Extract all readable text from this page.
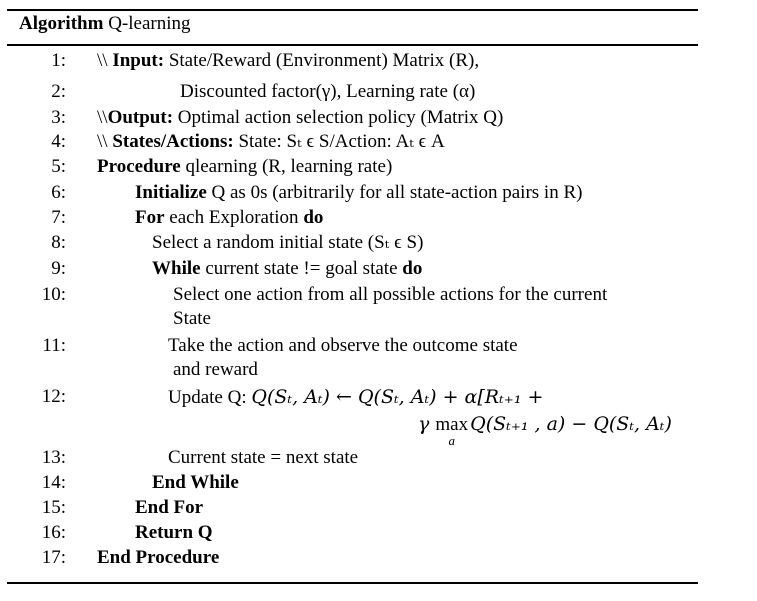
Algorithm Q-learning
1: \\ Input: State/Reward (Environment) Matrix (R),
2:	Discounted factor(γ), Learning rate (α)
3: \\Output: Optimal action selection policy (Matrix Q)
4: \\ States/Actions: State: Sₜ ϵ S/Action: Aₜ ϵ A
5: Procedure qlearning (R, learning rate)
6:	Initialize Q as 0s (arbitrarily for all state-action pairs in R)
7:	For each Exploration do
8:	Select a random initial state (Sₜ ϵ S)
9:	While current state != goal state do
10:	Select one action from all possible actions for the current
State
11:	Take the action and observe the outcome state
and reward
12:	Update Q: Q(Sₜ, Aₜ) ← Q(Sₜ, Aₜ) + α[Rₜ₊₁ +
γ max
a
Q(Sₜ₊₁ , a) − Q(Sₜ, Aₜ)
13:	Current state = next state
14:	End While
15:	End For
16:	Return Q
17: End Procedure
